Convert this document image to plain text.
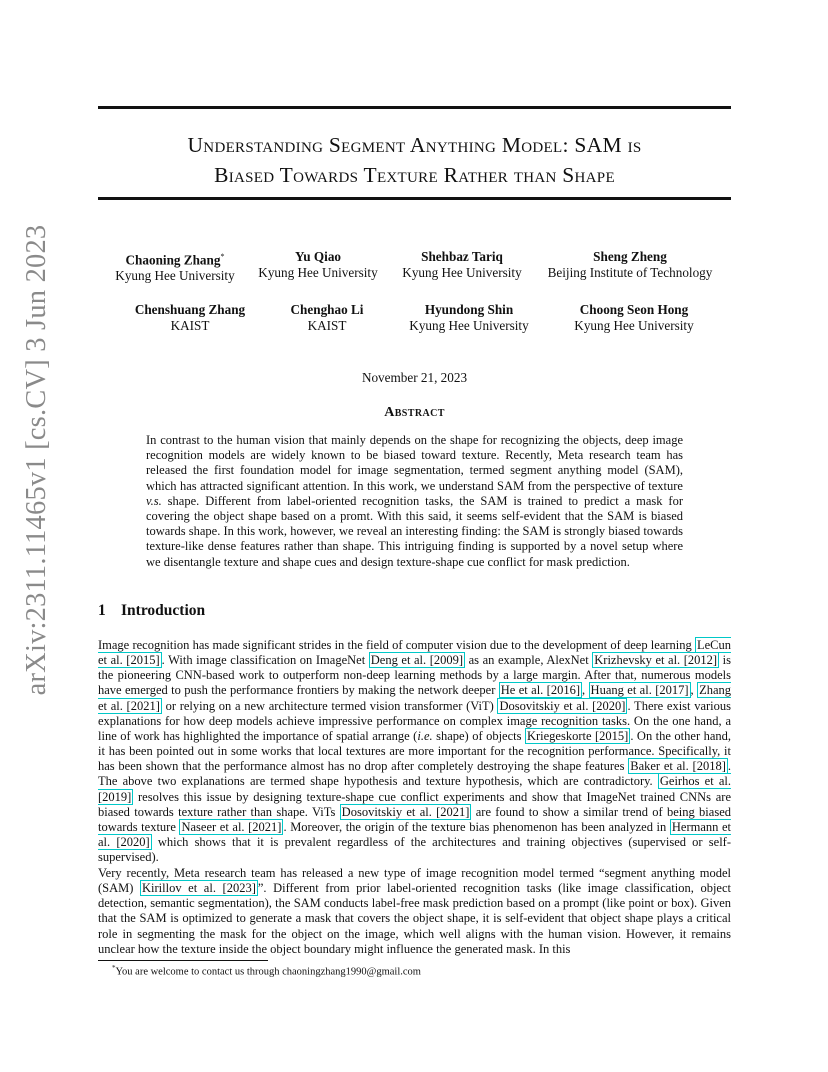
arXiv:2311.11465v1 [cs.CV] 3 Jun 2023
Understanding Segment Anything Model: SAM is
Biased Towards Texture Rather than Shape
Chaoning Zhang*
Kyung Hee University
Yu Qiao
Kyung Hee University
Shehbaz Tariq
Kyung Hee University
Sheng Zheng
Beijing Institute of Technology
Chenshuang Zhang
KAIST
Chenghao Li
KAIST
Hyundong Shin
Kyung Hee University
Choong Seon Hong
Kyung Hee University
November 21, 2023
Abstract
In contrast to the human vision that mainly depends on the shape for recognizing the objects, deep image recognition models are widely known to be biased toward texture. Recently, Meta research team has released the first foundation model for image segmentation, termed segment anything model (SAM), which has attracted significant attention. In this work, we understand SAM from the perspective of texture v.s. shape. Different from label-oriented recognition tasks, the SAM is trained to predict a mask for covering the object shape based on a promt. With this said, it seems self-evident that the SAM is biased towards shape. In this work, however, we reveal an interesting finding: the SAM is strongly biased towards texture-like dense features rather than shape. This intriguing finding is supported by a novel setup where we disentangle texture and shape cues and design texture-shape cue conflict for mask prediction.
1 Introduction
Image recognition has made significant strides in the field of computer vision due to the development of deep learning LeCun et al. [2015] . With image classification on ImageNet Deng et al. [2009] as an example, AlexNet Krizhevsky et al. [2012] is the pioneering CNN-based work to outperform non-deep learning methods by a large margin. After that, numerous models have emerged to push the performance frontiers by making the network deeper He et al. [2016] , Huang et al. [2017] , Zhang et al. [2021] or relying on a new architecture termed vision transformer (ViT) Dosovitskiy et al. [2020] . There exist various explanations for how deep models achieve impressive performance on complex image recognition tasks. On the one hand, a line of work has highlighted the importance of spatial arrange (i.e. shape) of objects Kriegeskorte [2015] . On the other hand, it has been pointed out in some works that local textures are more important for the recognition performance. Specifically, it has been shown that the performance almost has no drop after completely destroying the shape features Baker et al. [2018] . The above two explanations are termed shape hypothesis and texture hypothesis, which are contradictory. Geirhos et al. [2019] resolves this issue by designing texture-shape cue conflict experiments and show that ImageNet trained CNNs are biased towards texture rather than shape. ViTs Dosovitskiy et al. [2021] are found to show a similar trend of being biased towards texture Naseer et al. [2021] . Moreover, the origin of the texture bias phenomenon has been analyzed in Hermann et al. [2020] which shows that it is prevalent regardless of the architectures and training objectives (supervised or self-supervised).
Very recently, Meta research team has released a new type of image recognition model termed “segment anything model (SAM) Kirillov et al. [2023] ”. Different from prior label-oriented recognition tasks (like image classification, object detection, semantic segmentation), the SAM conducts label-free mask prediction based on a prompt (like point or box). Given that the SAM is optimized to generate a mask that covers the object shape, it is self-evident that object shape plays a critical role in segmenting the mask for the object on the image, which well aligns with the human vision. However, it remains unclear how the texture inside the object boundary might influence the generated mask. In this
*You are welcome to contact us through chaoningzhang1990@gmail.com
